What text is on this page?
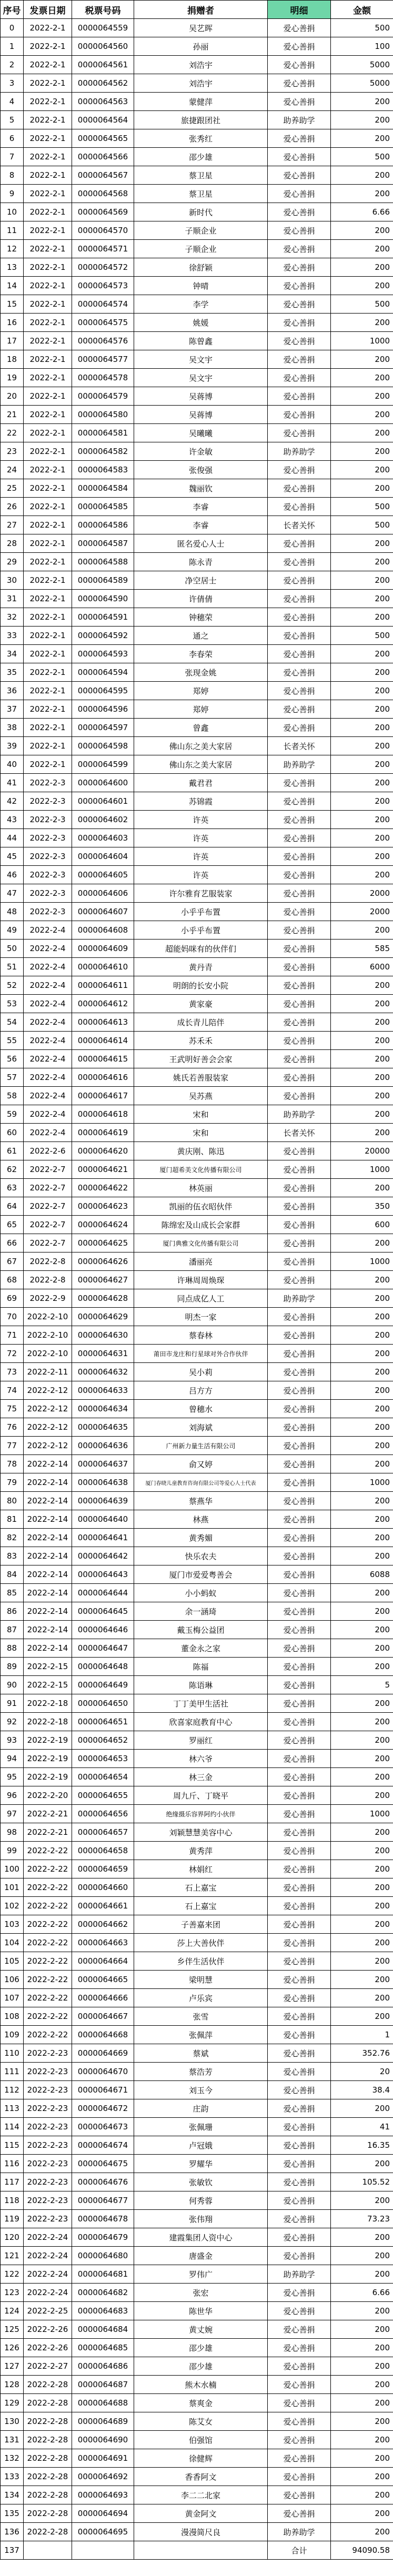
序号	发票日期	税票号码	捐赠者	明细	金额
0	2022-2-1	0000064559	吴艺晖	爱心善捐	500
1	2022-2-1	0000064560	孙丽	爱心善捐	100
2	2022-2-1	0000064561	刘浩宇	爱心善捐	5000
3	2022-2-1	0000064562	刘浩宇	爱心善捐	5000
4	2022-2-1	0000064563	蒙健萍	爱心善捐	200
5	2022-2-1	0000064564	旅捷跟团社	助养助学	200
6	2022-2-1	0000064565	张秀红	爱心善捐	200
7	2022-2-1	0000064566	邵少雄	爱心善捐	500
8	2022-2-1	0000064567	蔡卫星	爱心善捐	200
9	2022-2-1	0000064568	蔡卫星	爱心善捐	200
10	2022-2-1	0000064569	新时代	爱心善捐	6.66
11	2022-2-1	0000064570	子顺企业	爱心善捐	200
12	2022-2-1	0000064571	子顺企业	爱心善捐	200
13	2022-2-1	0000064572	徐舒颖	爱心善捐	200
14	2022-2-1	0000064573	钟晴	爱心善捐	200
15	2022-2-1	0000064574	李学	爱心善捐	500
16	2022-2-1	0000064575	姚媛	爱心善捐	200
17	2022-2-1	0000064576	陈曾鑫	爱心善捐	1000
18	2022-2-1	0000064577	吴文宇	爱心善捐	200
19	2022-2-1	0000064578	吴文宇	爱心善捐	200
20	2022-2-1	0000064579	吴蒋博	爱心善捐	200
21	2022-2-1	0000064580	吴蒋博	爱心善捐	200
22	2022-2-1	0000064581	吴曦曦	爱心善捐	200
23	2022-2-1	0000064582	许金敏	助养助学	200
24	2022-2-1	0000064583	张俊强	爱心善捐	200
25	2022-2-1	0000064584	魏丽钦	爱心善捐	200
26	2022-2-1	0000064585	李睿	爱心善捐	500
27	2022-2-1	0000064586	李睿	长者关怀	500
28	2022-2-1	0000064587	匿名爱心人士	爱心善捐	200
29	2022-2-1	0000064588	陈永青	爱心善捐	200
30	2022-2-1	0000064589	净空居士	爱心善捐	200
31	2022-2-1	0000064590	许倩倩	爱心善捐	200
32	2022-2-1	0000064591	钟穗荣	爱心善捐	200
33	2022-2-1	0000064592	通之	爱心善捐	500
34	2022-2-1	0000064593	李春荣	爱心善捐	200
35	2022-2-1	0000064594	张现金姚	爱心善捐	200
36	2022-2-1	0000064595	郑婷	爱心善捐	200
37	2022-2-1	0000064596	郑婷	爱心善捐	200
38	2022-2-1	0000064597	曾鑫	爱心善捐	200
39	2022-2-1	0000064598	佛山东之美大家居	长者关怀	200
40	2022-2-1	0000064599	佛山东之美大家居	助养助学	200
41	2022-2-3	0000064600	戴君君	爱心善捐	200
42	2022-2-3	0000064601	苏锦霞	爱心善捐	200
43	2022-2-3	0000064602	许英	爱心善捐	200
44	2022-2-3	0000064603	许英	爱心善捐	200
45	2022-2-3	0000064604	许英	爱心善捐	200
46	2022-2-3	0000064605	许英	爱心善捐	200
47	2022-2-3	0000064606	许尔雅育艺服装家	爱心善捐	2000
48	2022-2-3	0000064607	小乎乎布置	爱心善捐	2000
49	2022-2-4	0000064608	小乎乎布置	爱心善捐	200
50	2022-2-4	0000064609	超能妈咪有的伙伴们	爱心善捐	585
51	2022-2-4	0000064610	黄丹青	爱心善捐	6000
52	2022-2-4	0000064611	明朗的长安小院	爱心善捐	200
53	2022-2-4	0000064612	黄家豪	爱心善捐	200
54	2022-2-4	0000064613	成长青儿陪伴	爱心善捐	200
55	2022-2-4	0000064614	苏禾禾	爱心善捐	200
56	2022-2-4	0000064615	王武明好善会会家	爱心善捐	200
57	2022-2-4	0000064616	姚氏若善服装家	爱心善捐	200
58	2022-2-4	0000064617	吴苏燕	爱心善捐	200
59	2022-2-4	0000064618	宋和	助养助学	200
60	2022-2-4	0000064619	宋和	长者关怀	200
61	2022-2-6	0000064620	黄庆刚、陈迅	爱心善捐	20000
62	2022-2-7	0000064621	厦门超希美文化传播有限公司	爱心善捐	1000
63	2022-2-7	0000064622	林英丽	爱心善捐	200
64	2022-2-7	0000064623	凯丽的伍衣昭伙伴	爱心善捐	350
65	2022-2-7	0000064624	陈绵宏及山成长会家群	爱心善捐	600
66	2022-2-7	0000064625	厦门典雅文化传播有限公司	爱心善捐	200
67	2022-2-8	0000064626	潘丽亮	爱心善捐	1000
68	2022-2-8	0000064627	许琳周周焕琛	爱心善捐	200
69	2022-2-9	0000064628	同点成亿人工	助养助学	200
70	2022-2-10	0000064629	明杰一家	爱心善捐	200
71	2022-2-10	0000064630	蔡春林	爱心善捐	200
72	2022-2-10	0000064631	莆田市龙庄和行星球对外合作伙伴	爱心善捐	200
73	2022-2-11	0000064632	吴小莉	爱心善捐	200
74	2022-2-12	0000064633	吕方方	爱心善捐	200
75	2022-2-12	0000064634	曾穗水	爱心善捐	200
76	2022-2-12	0000064635	刘海斌	爱心善捐	200
77	2022-2-12	0000064636	广州新力量生活有限公司	爱心善捐	200
78	2022-2-14	0000064637	俞又婷	爱心善捐	200
79	2022-2-14	0000064638	厦门春晓儿童教育咨询有限公司等爱心人士代表	爱心善捐	1000
80	2022-2-14	0000064639	蔡燕华	爱心善捐	200
81	2022-2-14	0000064640	林燕	爱心善捐	200
82	2022-2-14	0000064641	黄秀媚	爱心善捐	200
83	2022-2-14	0000064642	快乐农夫	爱心善捐	200
84	2022-2-14	0000064643	厦门市爱爱粤善会	爱心善捐	6088
85	2022-2-14	0000064644	小小蚂蚁	爱心善捐	200
86	2022-2-14	0000064645	余一涵琦	爱心善捐	200
87	2022-2-14	0000064646	戴玉梅公益团	爱心善捐	200
88	2022-2-14	0000064647	董金永之家	爱心善捐	200
89	2022-2-15	0000064648	陈福	爱心善捐	200
90	2022-2-15	0000064649	陈语琳	爱心善捐	5
91	2022-2-18	0000064650	丁丁美甲生活社	爱心善捐	200
92	2022-2-18	0000064651	欣喜家庭教育中心	爱心善捐	200
93	2022-2-19	0000064652	罗丽红	爱心善捐	200
94	2022-2-19	0000064653	林六爷	爱心善捐	200
95	2022-2-19	0000064654	林三金	爱心善捐	200
96	2022-2-20	0000064655	周九斤、丁晓平	爱心善捐	200
97	2022-2-21	0000064656	绝缘摄乐容界阿约小伙伴	爱心善捐	1000
98	2022-2-21	0000064657	刘颖慧慧美容中心	爱心善捐	200
99	2022-2-22	0000064658	黄秀萍	爱心善捐	200
100	2022-2-22	0000064659	林娟红	爱心善捐	200
101	2022-2-22	0000064660	石上嘉宝	爱心善捐	200
102	2022-2-22	0000064661	石上嘉宝	爱心善捐	200
103	2022-2-22	0000064662	子善嘉来团	爱心善捐	200
104	2022-2-22	0000064663	莎上大善伙伴	爱心善捐	200
105	2022-2-22	0000064664	乡伴生活伙伴	爱心善捐	200
106	2022-2-22	0000064665	梁明慧	爱心善捐	200
107	2022-2-22	0000064666	卢乐宾	爱心善捐	200
108	2022-2-22	0000064667	张雪	爱心善捐	200
109	2022-2-22	0000064668	张佩萍	爱心善捐	1
110	2022-2-23	0000064669	蔡斌	爱心善捐	352.76
111	2022-2-23	0000064670	蔡浩芳	爱心善捐	20
112	2022-2-23	0000064671	刘玉今	爱心善捐	38.4
113	2022-2-23	0000064672	庄韵	爱心善捐	200
114	2022-2-23	0000064673	张佩珊	爱心善捐	41
115	2022-2-23	0000064674	卢冠娥	爱心善捐	16.35
116	2022-2-23	0000064675	罗耀华	爱心善捐	200
117	2022-2-23	0000064676	张敏钦	爱心善捐	105.52
118	2022-2-23	0000064677	何秀蓉	爱心善捐	200
119	2022-2-23	0000064678	张伟翔	爱心善捐	73.23
120	2022-2-24	0000064679	建霞集团人资中心	爱心善捐	200
121	2022-2-24	0000064680	唐盛金	爱心善捐	200
122	2022-2-24	0000064681	罗伟广	助养助学	200
123	2022-2-24	0000064682	张宏	爱心善捐	6.66
124	2022-2-25	0000064683	陈世华	爱心善捐	200
125	2022-2-26	0000064684	黄丈婉	爱心善捐	200
126	2022-2-26	0000064685	邵少雄	爱心善捐	200
127	2022-2-27	0000064686	邵少雄	爱心善捐	200
128	2022-2-28	0000064687	熊木水楠	爱心善捐	200
129	2022-2-28	0000064688	蔡爽金	爱心善捐	200
130	2022-2-28	0000064689	陈艾女	爱心善捐	200
131	2022-2-28	0000064690	伯强馆	爱心善捐	200
132	2022-2-28	0000064691	徐健辉	爱心善捐	200
133	2022-2-28	0000064692	香香阿文	爱心善捐	200
134	2022-2-28	0000064693	李二二北家	爱心善捐	200
135	2022-2-28	0000064694	黄金阿文	爱心善捐	200
136	2022-2-28	0000064695	漫漫简尺良	助养助学	200
137				合计	94090.58
